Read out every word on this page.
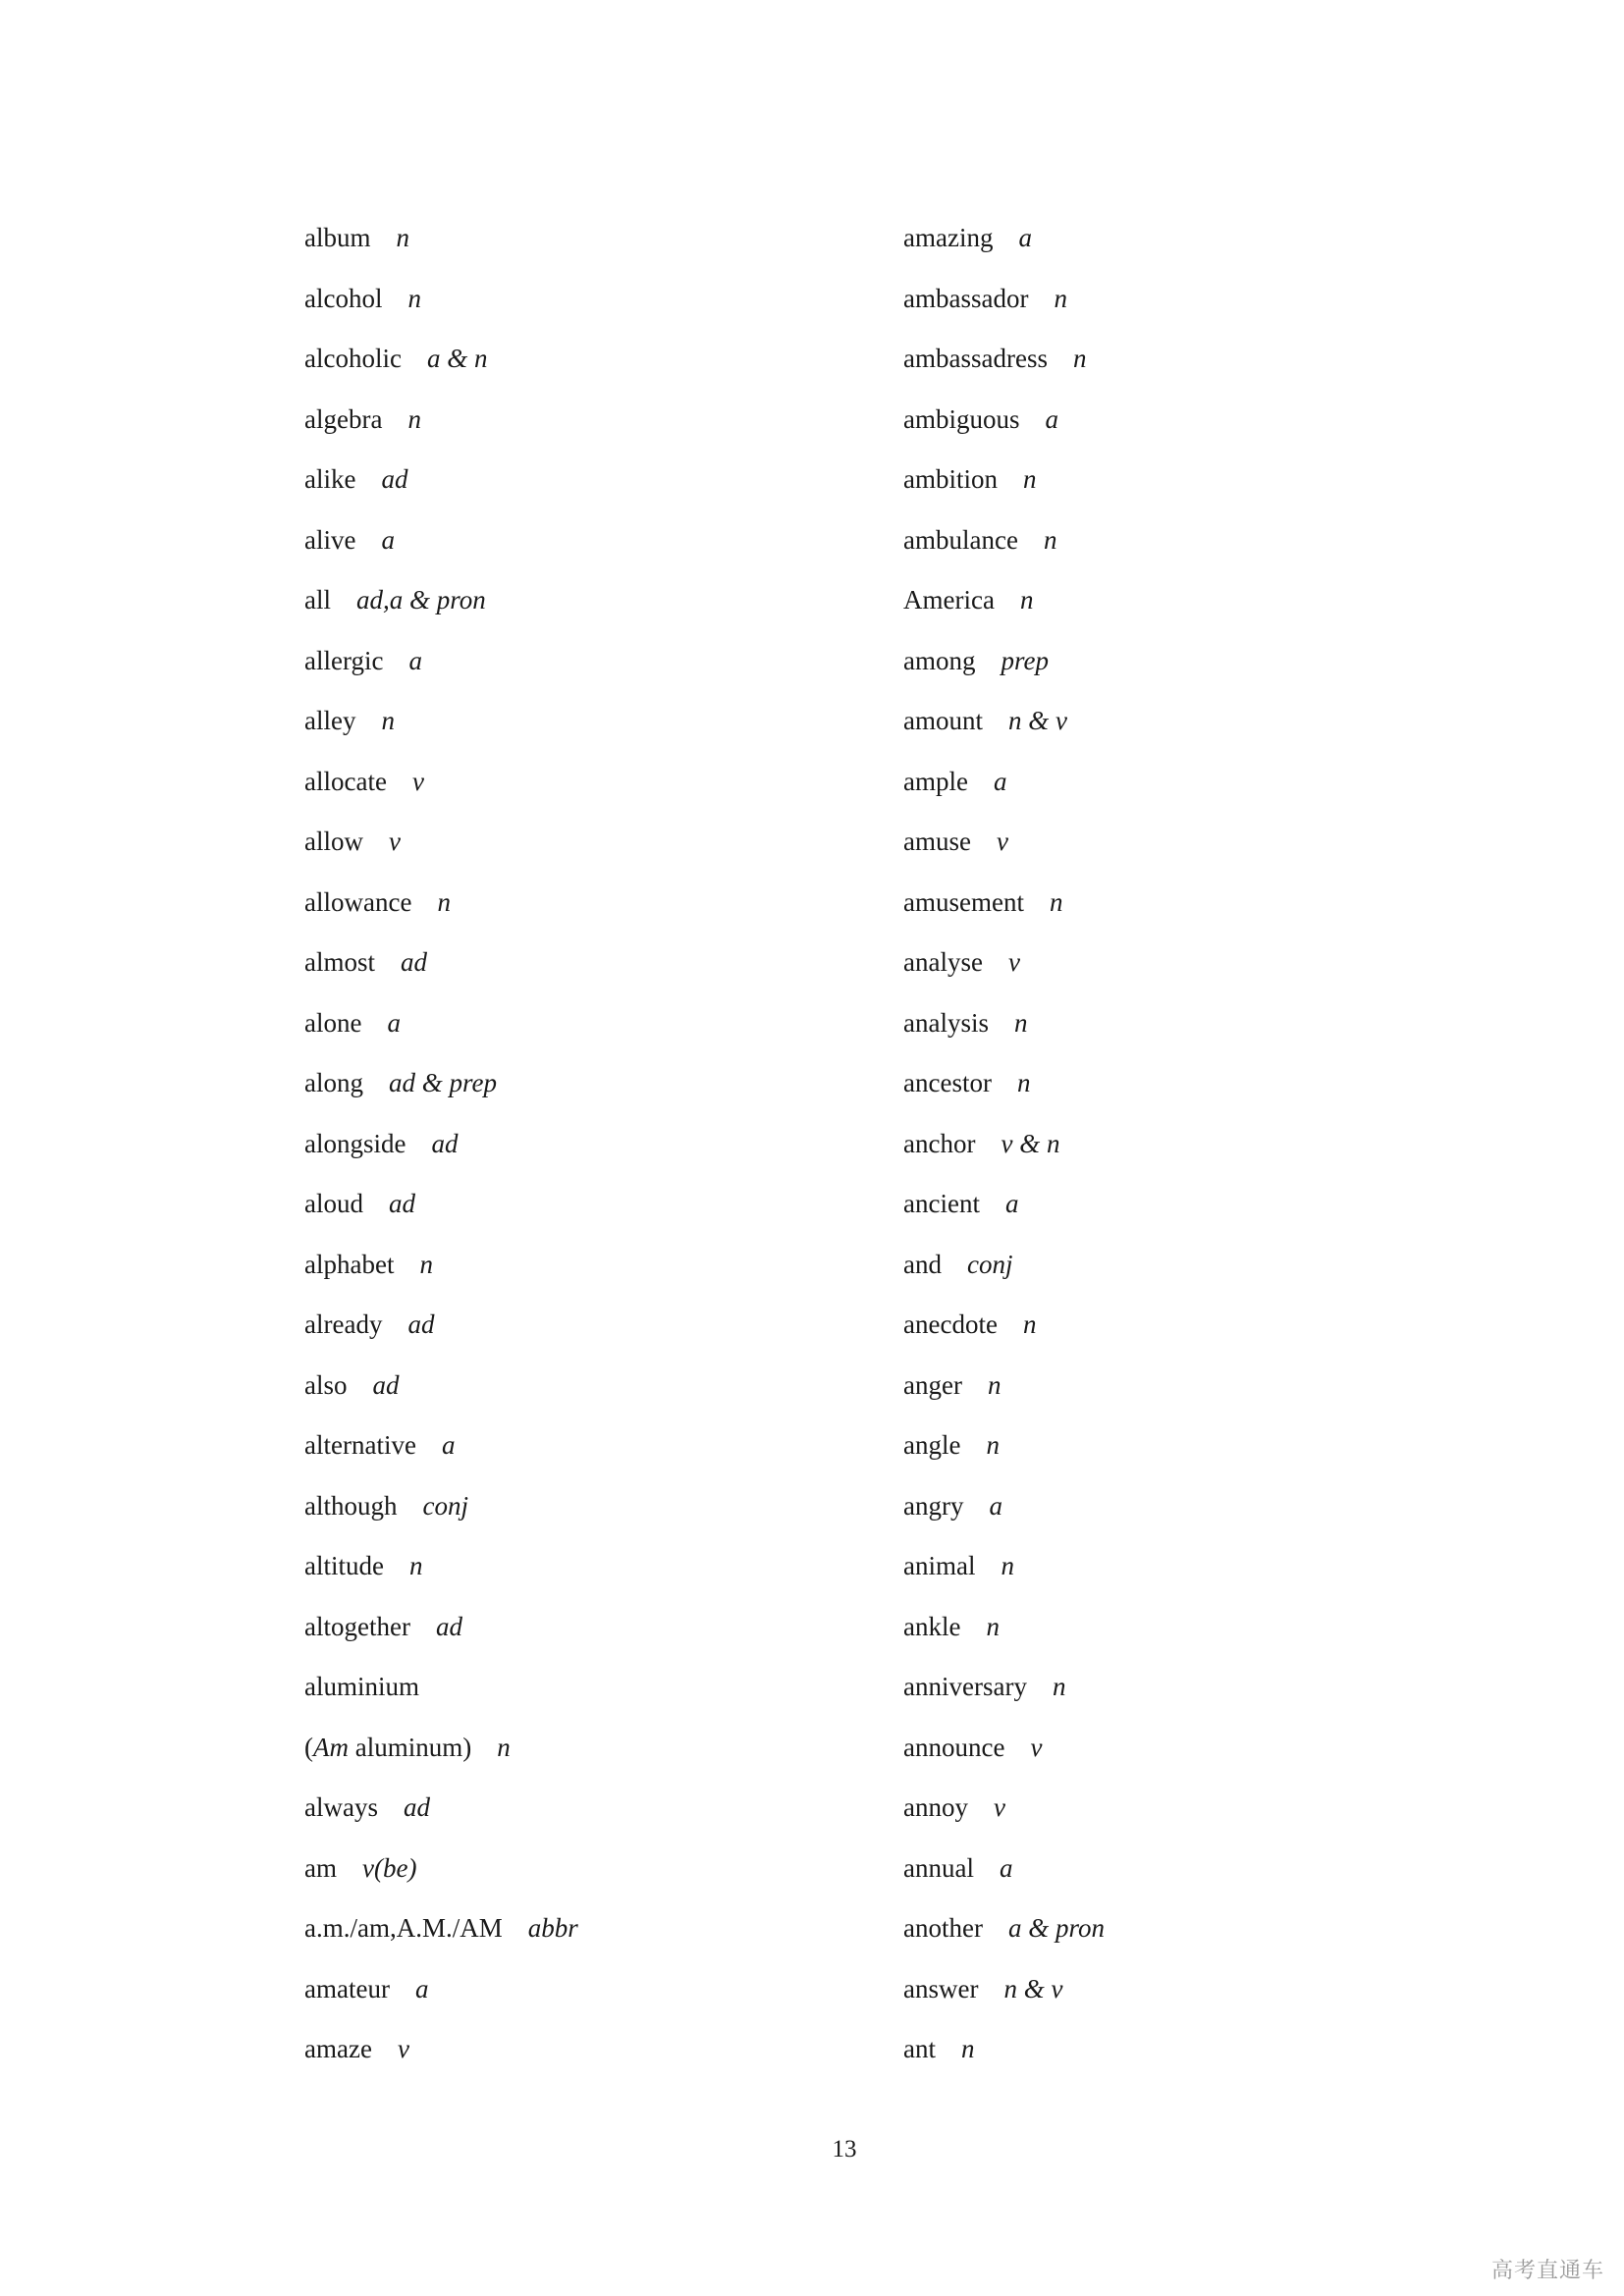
album n
alcohol n
alcoholic a & n
algebra n
alike ad
alive a
all ad,a & pron
allergic a
alley n
allocate v
allow v
allowance n
almost ad
alone a
along ad & prep
alongside ad
aloud ad
alphabet n
already ad
also ad
alternative a
although conj
altitude n
altogether ad
aluminium
(Am aluminum) n
always ad
am v(be)
a.m./am,A.M./AM abbr
amateur a
amaze v
amazing a
ambassador n
ambassadress n
ambiguous a
ambition n
ambulance n
America n
among prep
amount n & v
ample a
amuse v
amusement n
analyse v
analysis n
ancestor n
anchor v & n
ancient a
and conj
anecdote n
anger n
angle n
angry a
animal n
ankle n
anniversary n
announce v
annoy v
annual a
another a & pron
answer n & v
ant n
13
高考直通车
